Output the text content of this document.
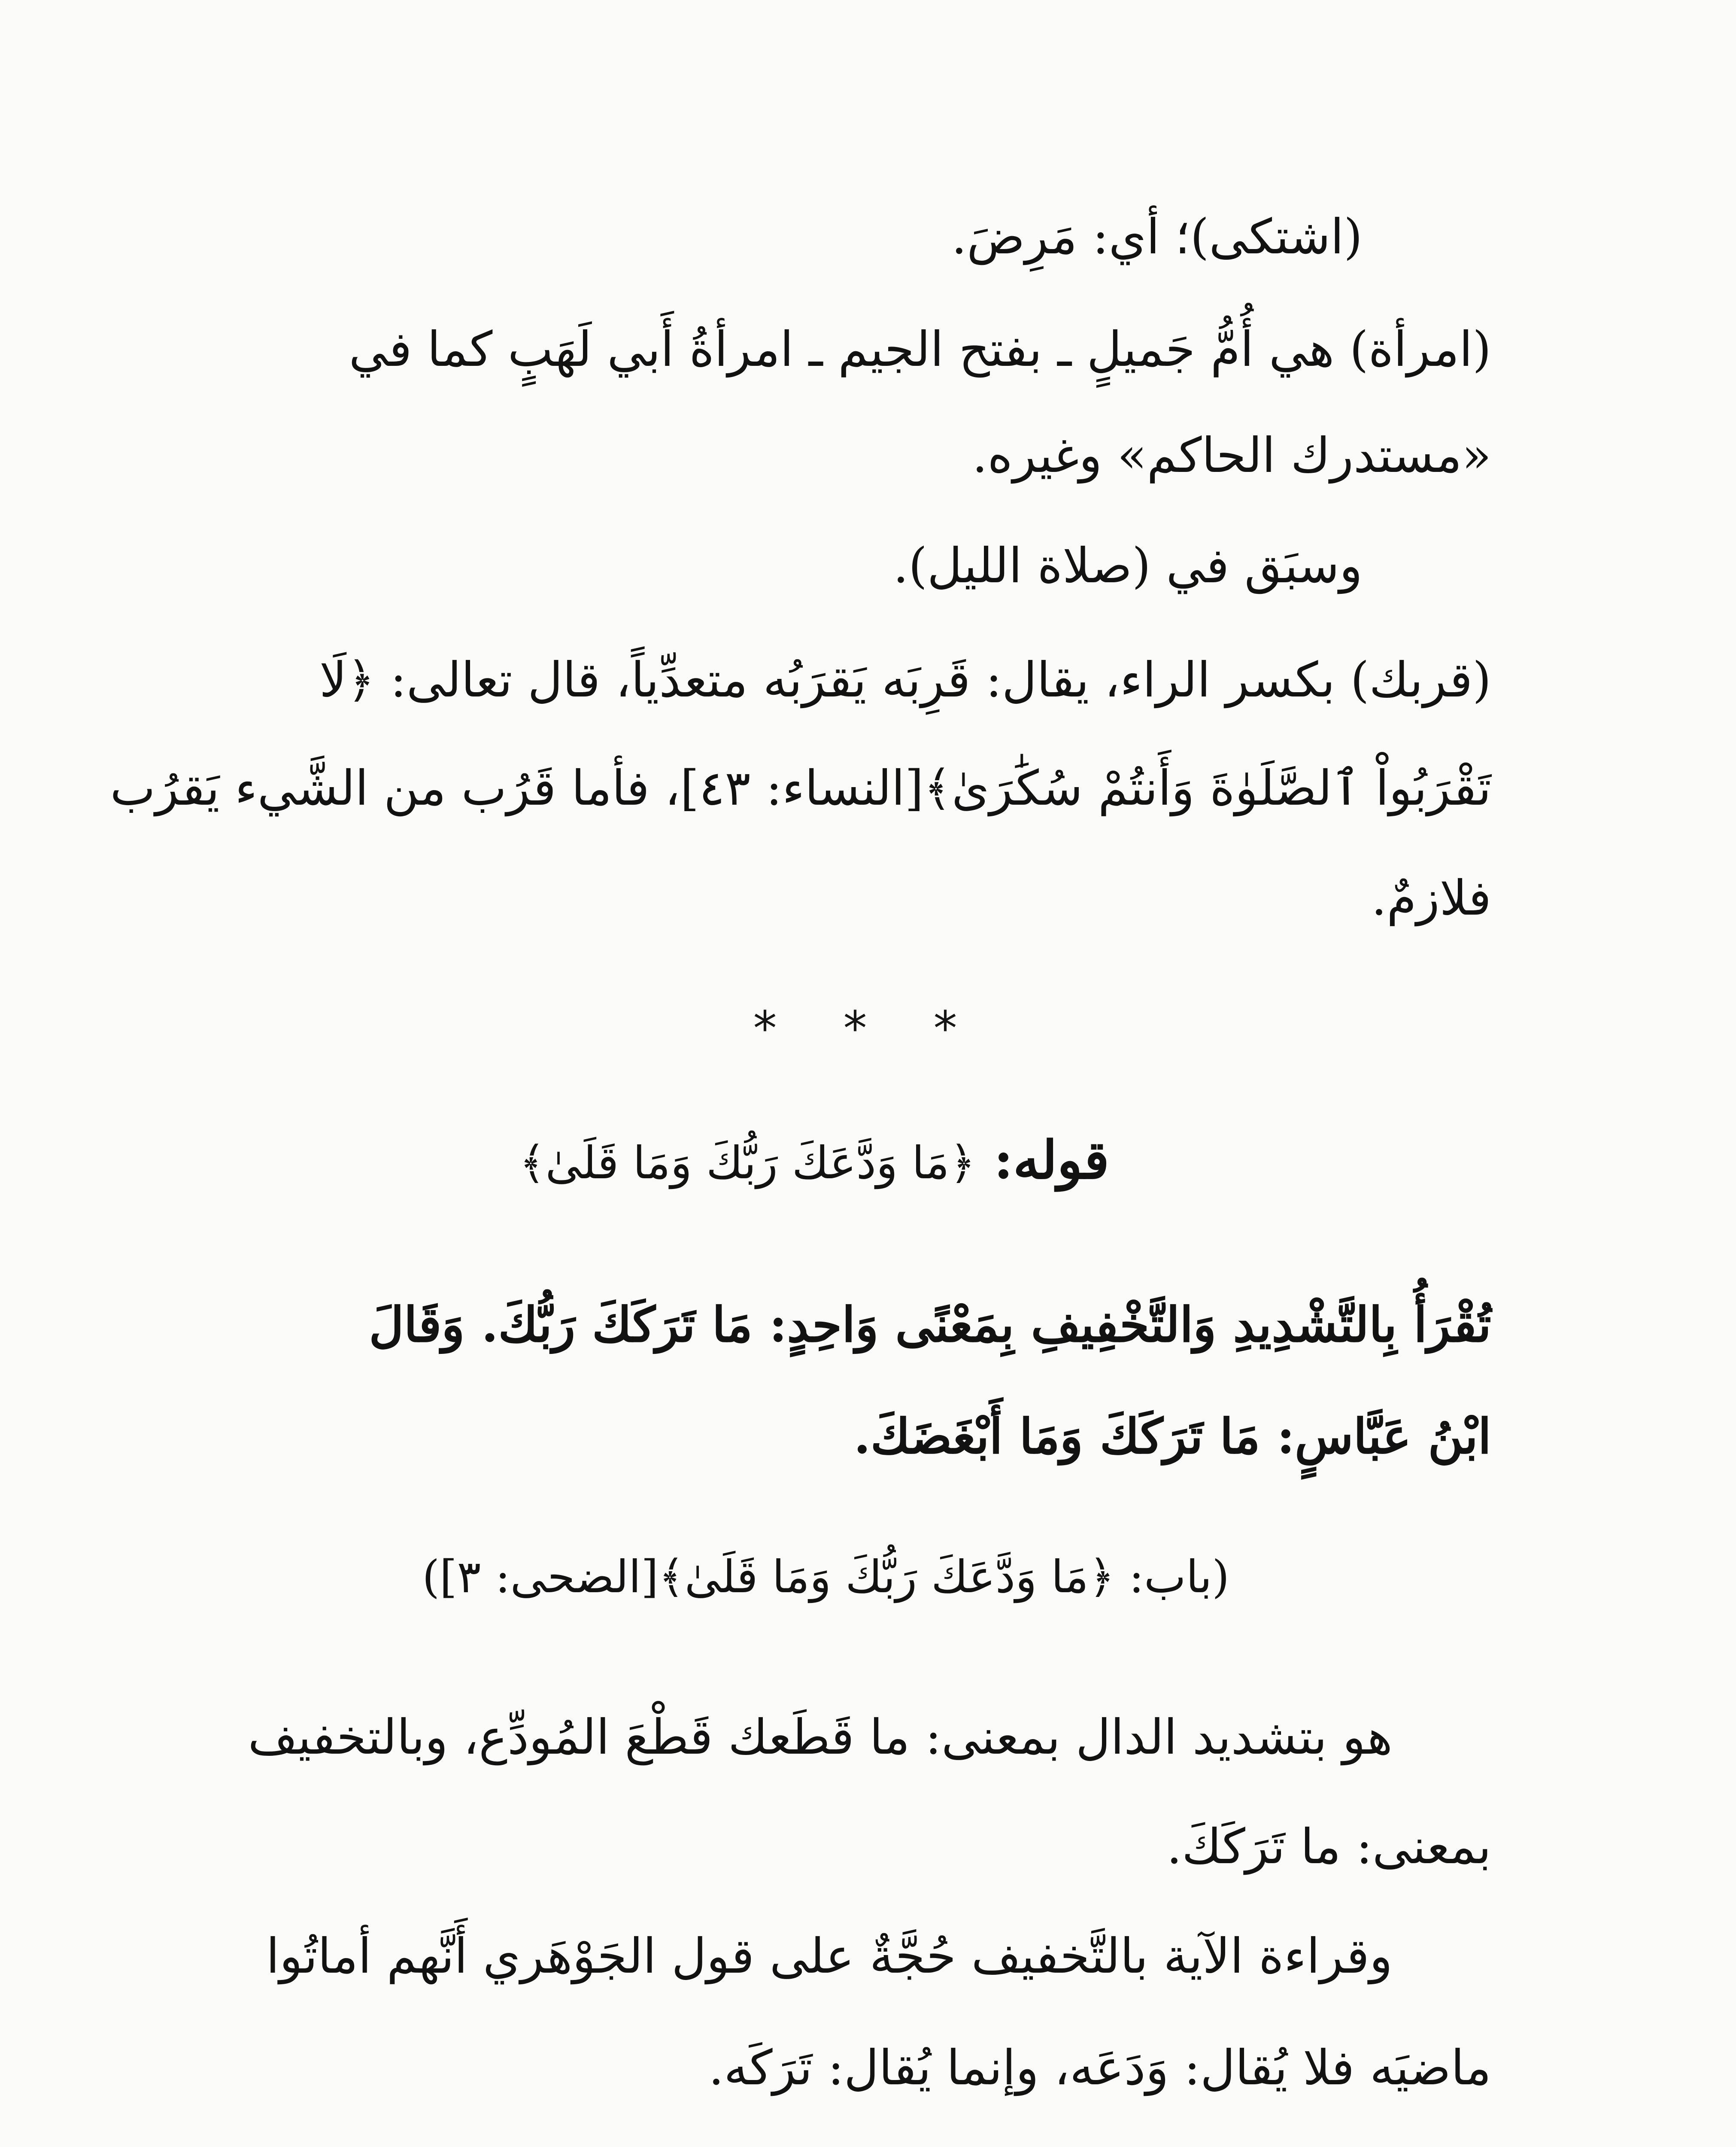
(اشتكى)؛ أي: مَرِضَ.
(امرأة) هي أُمُّ جَميلٍ ـ بفتح الجيم ـ امرأةُ أَبي لَهَبٍ كما في
«مستدرك الحاكم» وغيره.
وسبَق في (صلاة الليل).
(قربك) بكسر الراء، يقال: قَرِبَه يَقرَبُه متعدِّياً، قال تعالى: ﴿لَا
تَقْرَبُواْ ٱلصَّلَوٰةَ وَأَنتُمْ سُكَٰرَىٰ﴾[النساء: ٤٣]، فأما قَرُب من الشَّيء يَقرُب
فلازمٌ.
* * *
قوله: ﴿مَا وَدَّعَكَ رَبُّكَ وَمَا قَلَىٰ﴾
تُقْرَأُ بِالتَّشْدِيدِ وَالتَّخْفِيفِ بِمَعْنًى وَاحِدٍ: مَا تَرَكَكَ رَبُّكَ. وَقَالَ
ابْنُ عَبَّاسٍ: مَا تَرَكَكَ وَمَا أَبْغَضَكَ.
(باب: ﴿مَا وَدَّعَكَ رَبُّكَ وَمَا قَلَىٰ﴾[الضحى: ٣])
هو بتشديد الدال بمعنى: ما قَطَعك قَطْعَ المُودِّع، وبالتخفيف
بمعنى: ما تَرَكَكَ.
وقراءة الآية بالتَّخفيف حُجَّةٌ على قول الجَوْهَري أَنَّهم أماتُوا
ماضيَه فلا يُقال: وَدَعَه، وإنما يُقال: تَرَكَه.
